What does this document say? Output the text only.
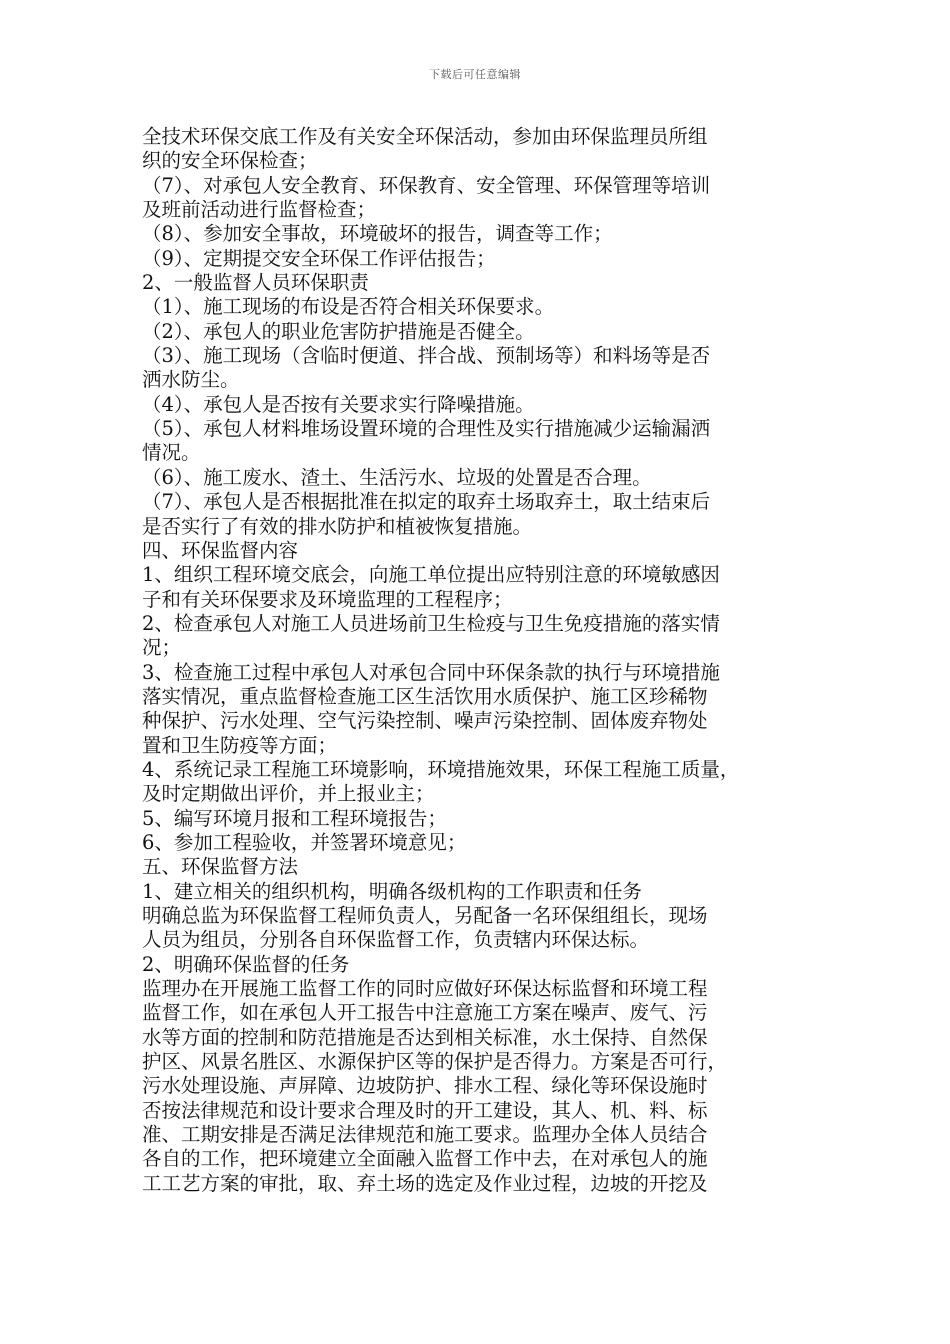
下载后可任意编辑
全技术环保交底工作及有关安全环保活动，参加由环保监理员所组
织的安全环保检查；
（7）、对承包人安全教育、环保教育、安全管理、环保管理等培训
及班前活动进行监督检查；
（8）、参加安全事故，环境破坏的报告，调查等工作；
（9）、定期提交安全环保工作评估报告；
2、一般监督人员环保职责
（1）、施工现场的布设是否符合相关环保要求。
（2）、承包人的职业危害防护措施是否健全。
（3）、施工现场（含临时便道、拌合战、预制场等）和料场等是否
洒水防尘。
（4）、承包人是否按有关要求实行降噪措施。
（5）、承包人材料堆场设置环境的合理性及实行措施减少运输漏洒
情况。
（6）、施工废水、渣土、生活污水、垃圾的处置是否合理。
（7）、承包人是否根据批准在拟定的取弃土场取弃土，取土结束后
是否实行了有效的排水防护和植被恢复措施。
四、环保监督内容
1、组织工程环境交底会，向施工单位提出应特别注意的环境敏感因
子和有关环保要求及环境监理的工程程序；
2、检查承包人对施工人员进场前卫生检疫与卫生免疫措施的落实情
况；
3、检查施工过程中承包人对承包合同中环保条款的执行与环境措施
落实情况，重点监督检查施工区生活饮用水质保护、施工区珍稀物
种保护、污水处理、空气污染控制、噪声污染控制、固体废弃物处
置和卫生防疫等方面；
4、系统记录工程施工环境影响，环境措施效果，环保工程施工质量，
及时定期做出评价，并上报业主；
5、编写环境月报和工程环境报告；
6、参加工程验收，并签署环境意见；
五、环保监督方法
1、建立相关的组织机构，明确各级机构的工作职责和任务
明确总监为环保监督工程师负责人，另配备一名环保组组长，现场
人员为组员，分别各自环保监督工作，负责辖内环保达标。
2、明确环保监督的任务
监理办在开展施工监督工作的同时应做好环保达标监督和环境工程
监督工作，如在承包人开工报告中注意施工方案在噪声、废气、污
水等方面的控制和防范措施是否达到相关标准，水土保持、自然保
护区、风景名胜区、水源保护区等的保护是否得力。方案是否可行，
污水处理设施、声屏障、边坡防护、排水工程、绿化等环保设施时
否按法律规范和设计要求合理及时的开工建设，其人、机、料、标
准、工期安排是否满足法律规范和施工要求。监理办全体人员结合
各自的工作，把环境建立全面融入监督工作中去，在对承包人的施
工工艺方案的审批，取、弃土场的选定及作业过程，边坡的开挖及
